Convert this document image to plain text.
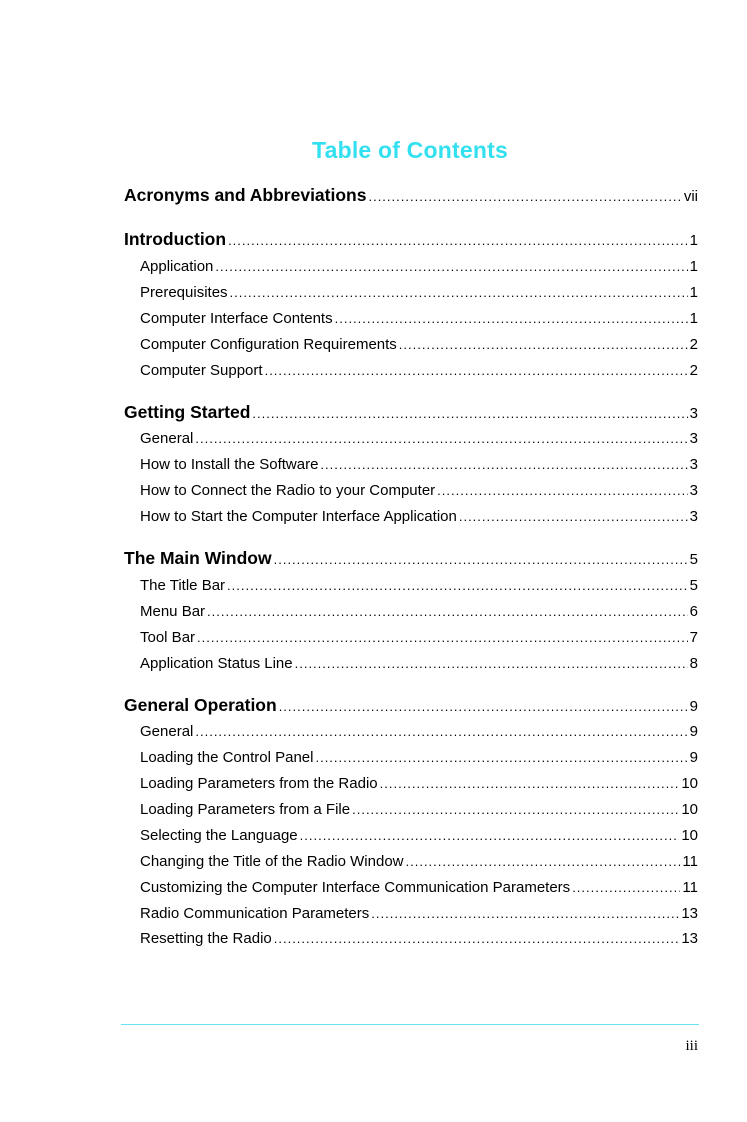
Table of Contents
Acronyms and Abbreviations .....	vii
Introduction .....	1
Application .....	1
Prerequisites .....	1
Computer Interface Contents .....	1
Computer Configuration Requirements .....	2
Computer Support .....	2
Getting Started .....	3
General .....	3
How to Install the Software .....	3
How to Connect the Radio to your Computer .....	3
How to Start the Computer Interface Application .....	3
The Main Window .....	5
The Title Bar .....	5
Menu Bar .....	6
Tool Bar .....	7
Application Status Line .....	8
General Operation .....	9
General .....	9
Loading the Control Panel .....	9
Loading Parameters from the Radio .....	10
Loading Parameters from a File .....	10
Selecting the Language .....	10
Changing the Title of the Radio Window .....	11
Customizing the Computer Interface Communication Parameters .....	11
Radio Communication Parameters .....	13
Resetting the Radio .....	13
iii
